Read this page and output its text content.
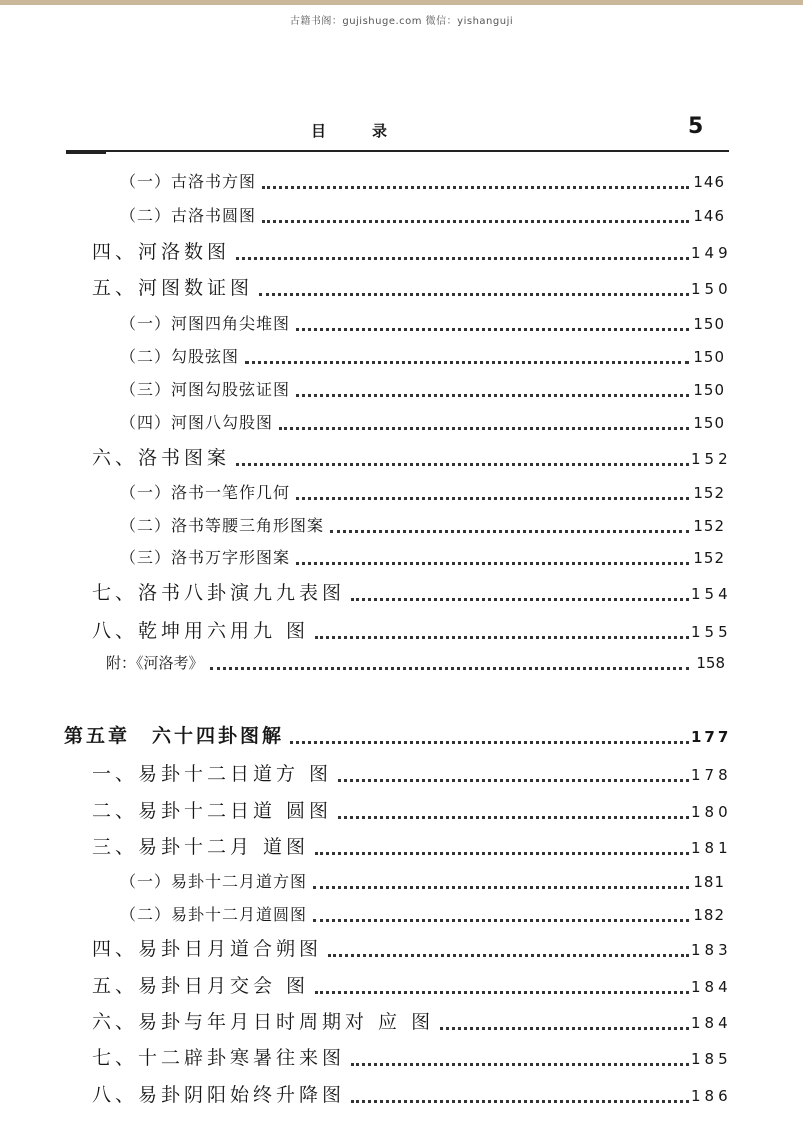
古籍书阁：gujishuge.com 微信：yishanguji
目录	5
（一）古洛书方图	146
（二）古洛书圆图	146
四、河洛数图	149
五、河图数证图	150
（一）河图四角尖堆图	150
（二）勾股弦图	150
（三）河图勾股弦证图	150
（四）河图八勾股图	150
六、洛书图案	152
（一）洛书一笔作几何	152
（二）洛书等腰三角形图案	152
（三）洛书万字形图案	152
七、洛书八卦演九九表图	154
八、乾坤用六用九 图	155
附：《河洛考》	158
第五章　六十四卦图解	177
一、易卦十二日道方 图	178
二、易卦十二日道 圆图	180
三、易卦十二月 道图	181
（一）易卦十二月道方图	181
（二）易卦十二月道圆图	182
四、易卦日月道合朔图	183
五、易卦日月交会 图	184
六、易卦与年月日时周期对 应 图	184
七、十二辟卦寒暑往来图	185
八、易卦阴阳始终升降图	186
